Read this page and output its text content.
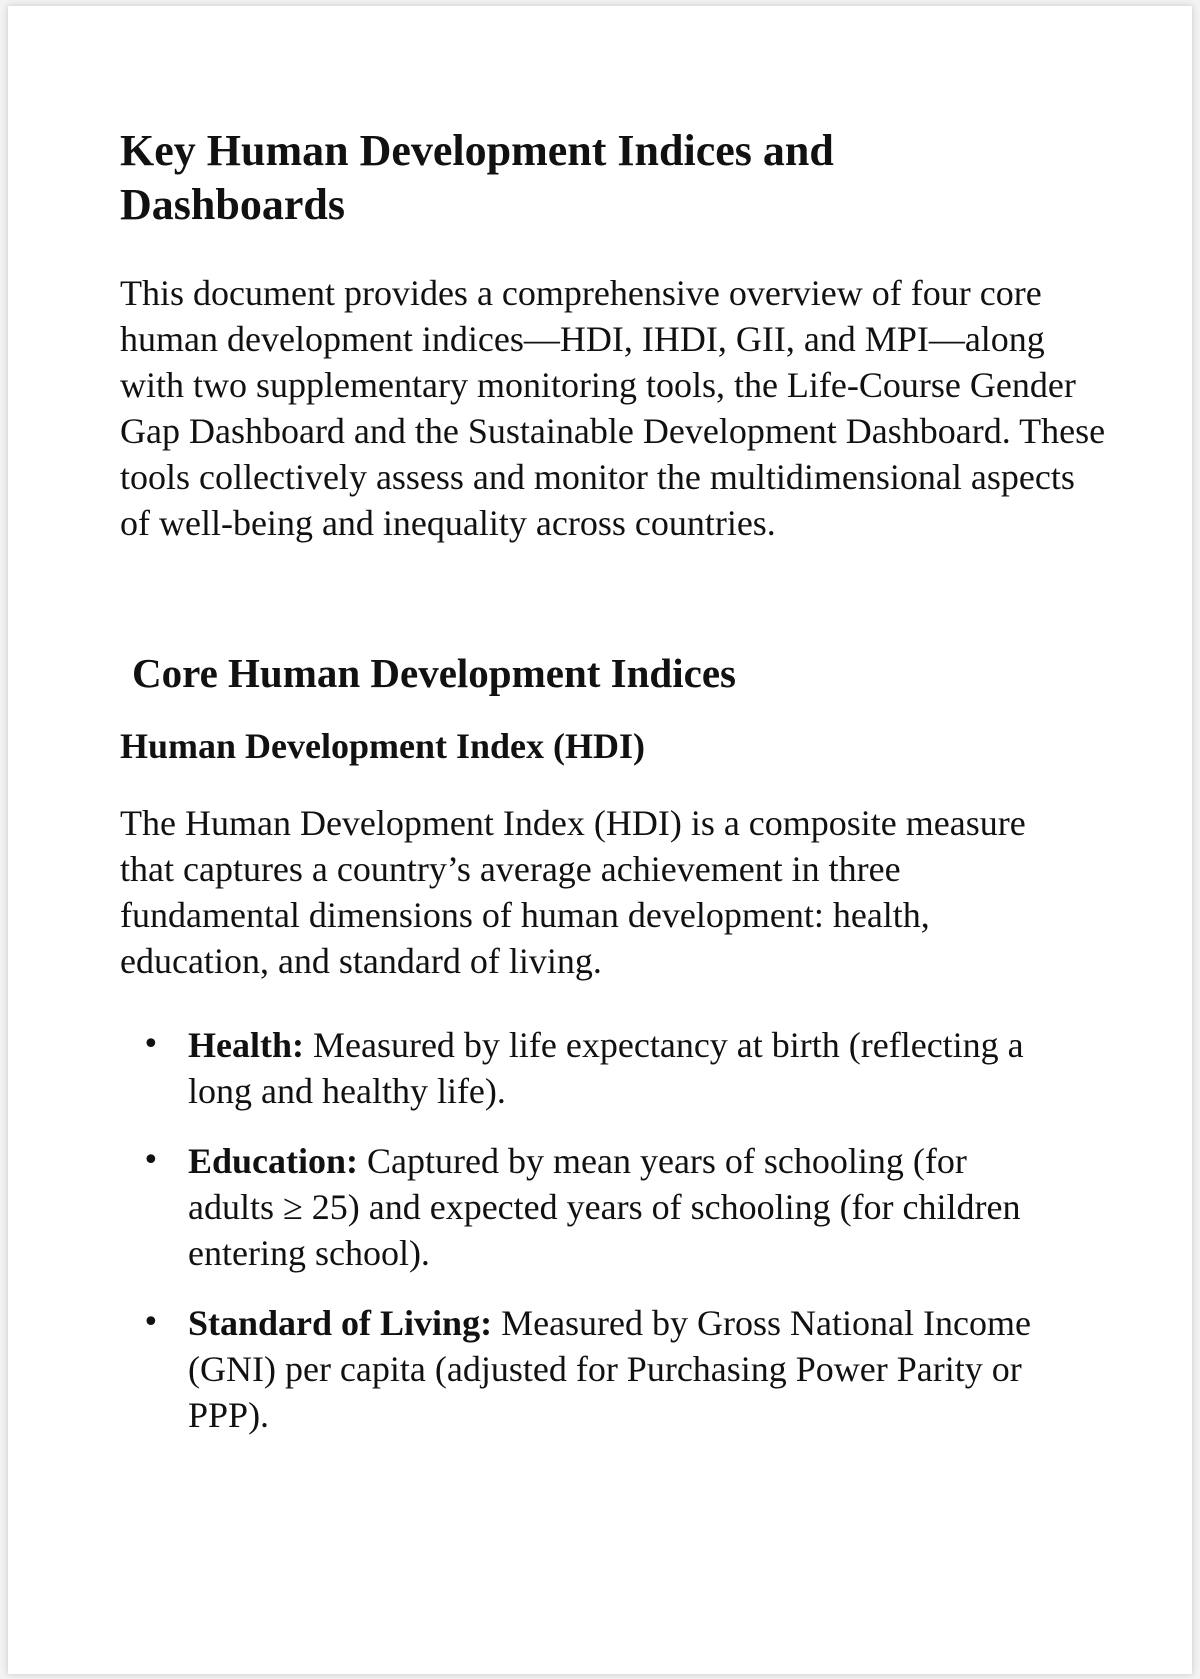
Key Human Development Indices and Dashboards

This document provides a comprehensive overview of four core human development indices—HDI, IHDI, GII, and MPI—along with two supplementary monitoring tools, the Life-Course Gender Gap Dashboard and the Sustainable Development Dashboard. These tools collectively assess and monitor the multidimensional aspects of well-being and inequality across countries.

Core Human Development Indices
Human Development Index (HDI)

The Human Development Index (HDI) is a composite measure that captures a country’s average achievement in three fundamental dimensions of human development: health, education, and standard of living.

• Health: Measured by life expectancy at birth (reflecting a long and healthy life).
• Education: Captured by mean years of schooling (for adults ≥ 25) and expected years of schooling (for children entering school).
• Standard of Living: Measured by Gross National Income (GNI) per capita (adjusted for Purchasing Power Parity or PPP).
